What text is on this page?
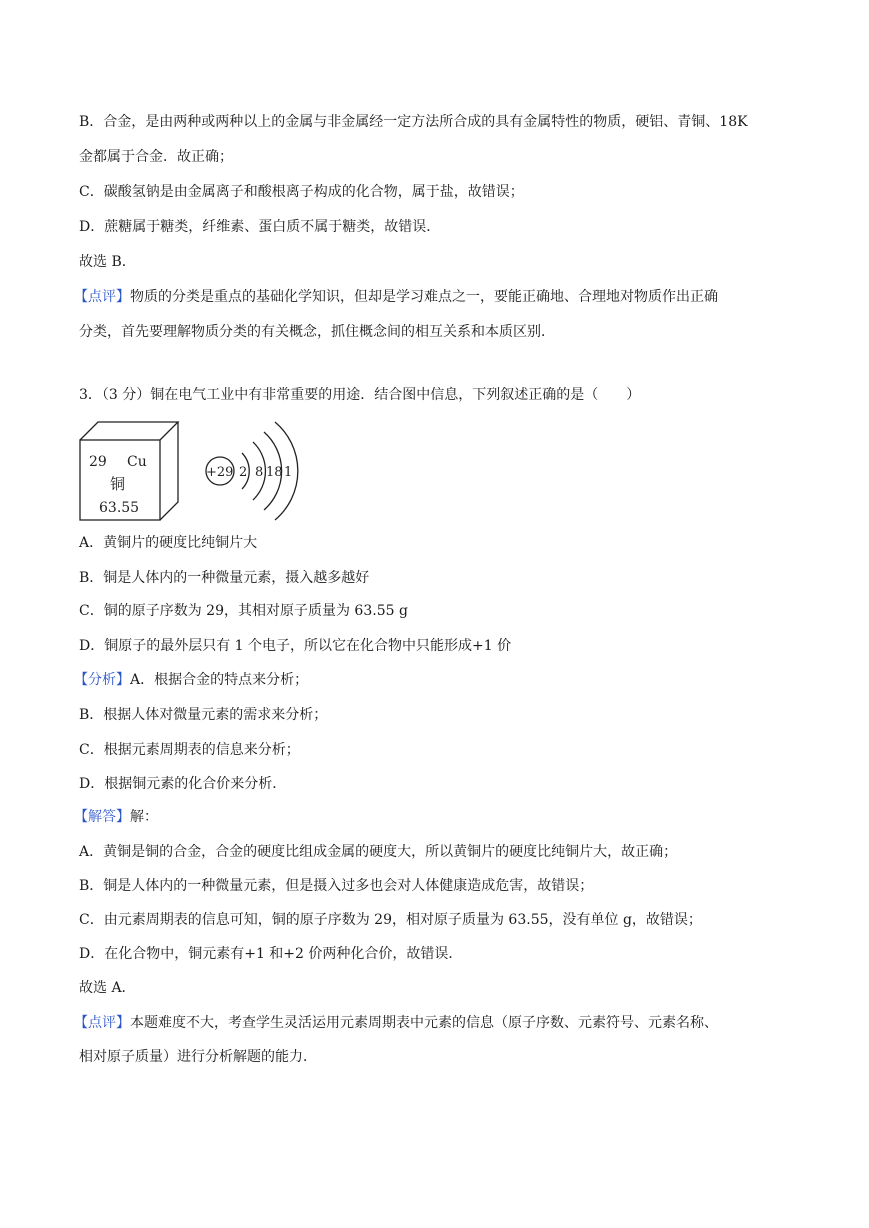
B．合金，是由两种或两种以上的金属与非金属经一定方法所合成的具有金属特性的物质，硬铝、青铜、18K
金都属于合金．故正确；
C．碳酸氢钠是由金属离子和酸根离子构成的化合物，属于盐，故错误；
D．蔗糖属于糖类，纤维素、蛋白质不属于糖类，故错误．
故选 B．
【点评】物质的分类是重点的基础化学知识，但却是学习难点之一，要能正确地、合理地对物质作出正确
分类，首先要理解物质分类的有关概念，抓住概念间的相互关系和本质区别．
3．（3 分）铜在电气工业中有非常重要的用途．结合图中信息，下列叙述正确的是（　　）
29 Cu
铜
63.55
+29 2 8 18 1
A．黄铜片的硬度比纯铜片大
B．铜是人体内的一种微量元素，摄入越多越好
C．铜的原子序数为 29，其相对原子质量为 63.55 g
D．铜原子的最外层只有 1 个电子，所以它在化合物中只能形成+1 价
【分析】A．根据合金的特点来分析；
B．根据人体对微量元素的需求来分析；
C．根据元素周期表的信息来分析；
D．根据铜元素的化合价来分析．
【解答】解：
A．黄铜是铜的合金，合金的硬度比组成金属的硬度大，所以黄铜片的硬度比纯铜片大，故正确；
B．铜是人体内的一种微量元素，但是摄入过多也会对人体健康造成危害，故错误；
C．由元素周期表的信息可知，铜的原子序数为 29，相对原子质量为 63.55，没有单位 g，故错误；
D．在化合物中，铜元素有+1 和+2 价两种化合价，故错误．
故选 A．
【点评】本题难度不大，考查学生灵活运用元素周期表中元素的信息（原子序数、元素符号、元素名称、
相对原子质量）进行分析解题的能力．
